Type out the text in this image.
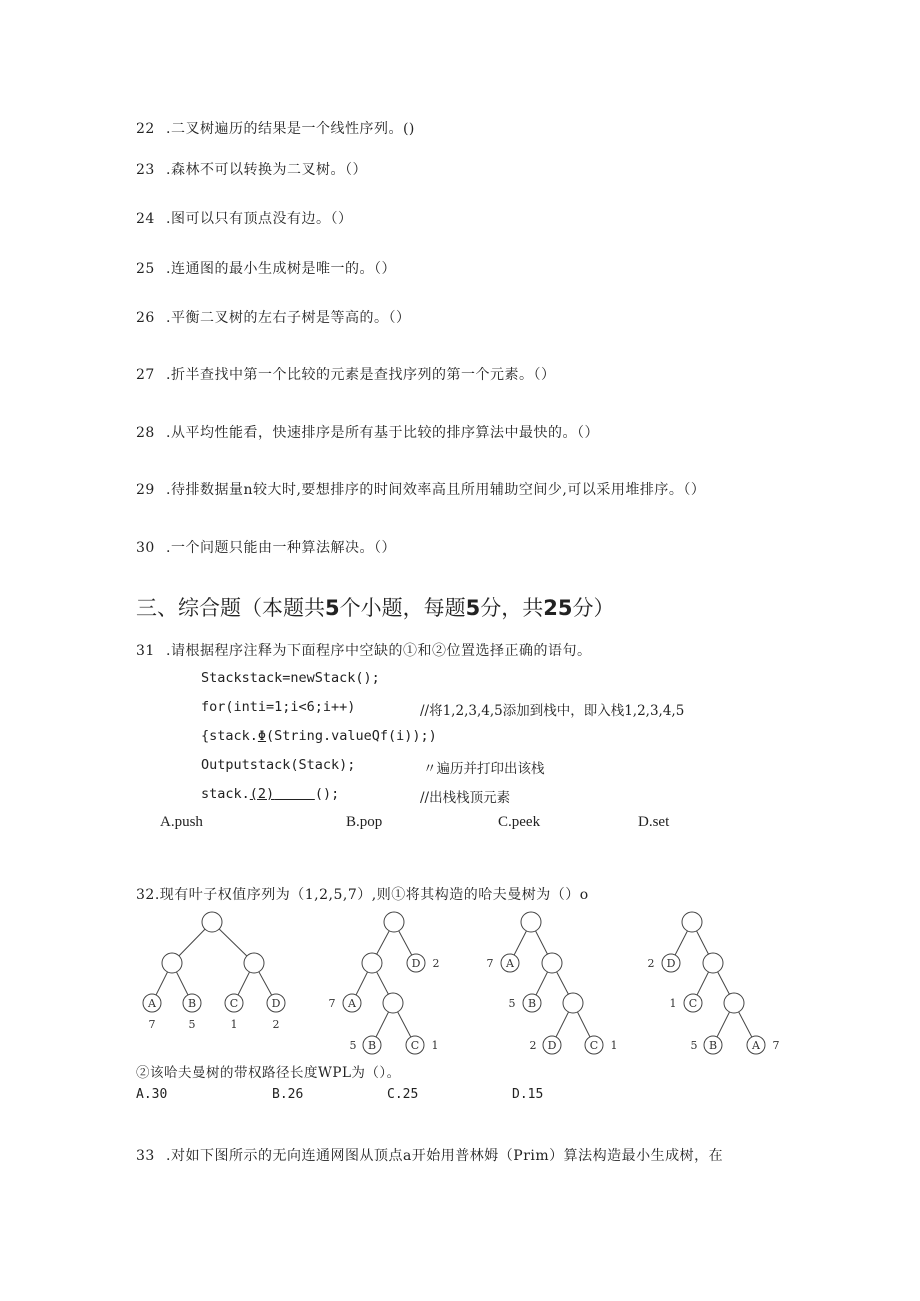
22 .二叉树遍历的结果是一个线性序列。()
23 .森林不可以转换为二叉树。（）
24 .图可以只有顶点没有边。（）
25 .连通图的最小生成树是唯一的。（）
26 .平衡二叉树的左右子树是等高的。（）
27 .折半查找中第一个比较的元素是查找序列的第一个元素。（）
28 .从平均性能看，快速排序是所有基于比较的排序算法中最快的。（）
29 .待排数据量n较大时,要想排序的时间效率高且所用辅助空间少,可以采用堆排序。（）
30 .一个问题只能由一种算法解决。（）
三、综合题（本题共5个小题，每题5分，共25分）
31 .请根据程序注释为下面程序中空缺的①和②位置选择正确的语句。
Stackstack=newStack();
for(inti=1;i<6;i++)	//将1,2,3,4,5添加到栈中，即入栈1,2,3,4,5
{stack.Φ(String.valueQf(i));)
Outputstack(Stack);	〃遍历并打印出该栈
stack.(2)	();	//出栈栈顶元素
A.push	B.pop	C.peek	D.set
32.现有叶子权值序列为（1,2,5,7）,则①将其构造的哈夫曼树为（）o
A	B	C	D
7	5	1	2
D 2
A
7
B
5	C 1
A
7
B
5
D
2	C 1
D
2
C
1
B
5	A 7
②该哈夫曼树的带权路径长度WPL为（）。
A.30	B.26	C.25	D.15
33 .对如下图所示的无向连通网图从顶点a开始用普林姆（Prim）算法构造最小生成树，在
